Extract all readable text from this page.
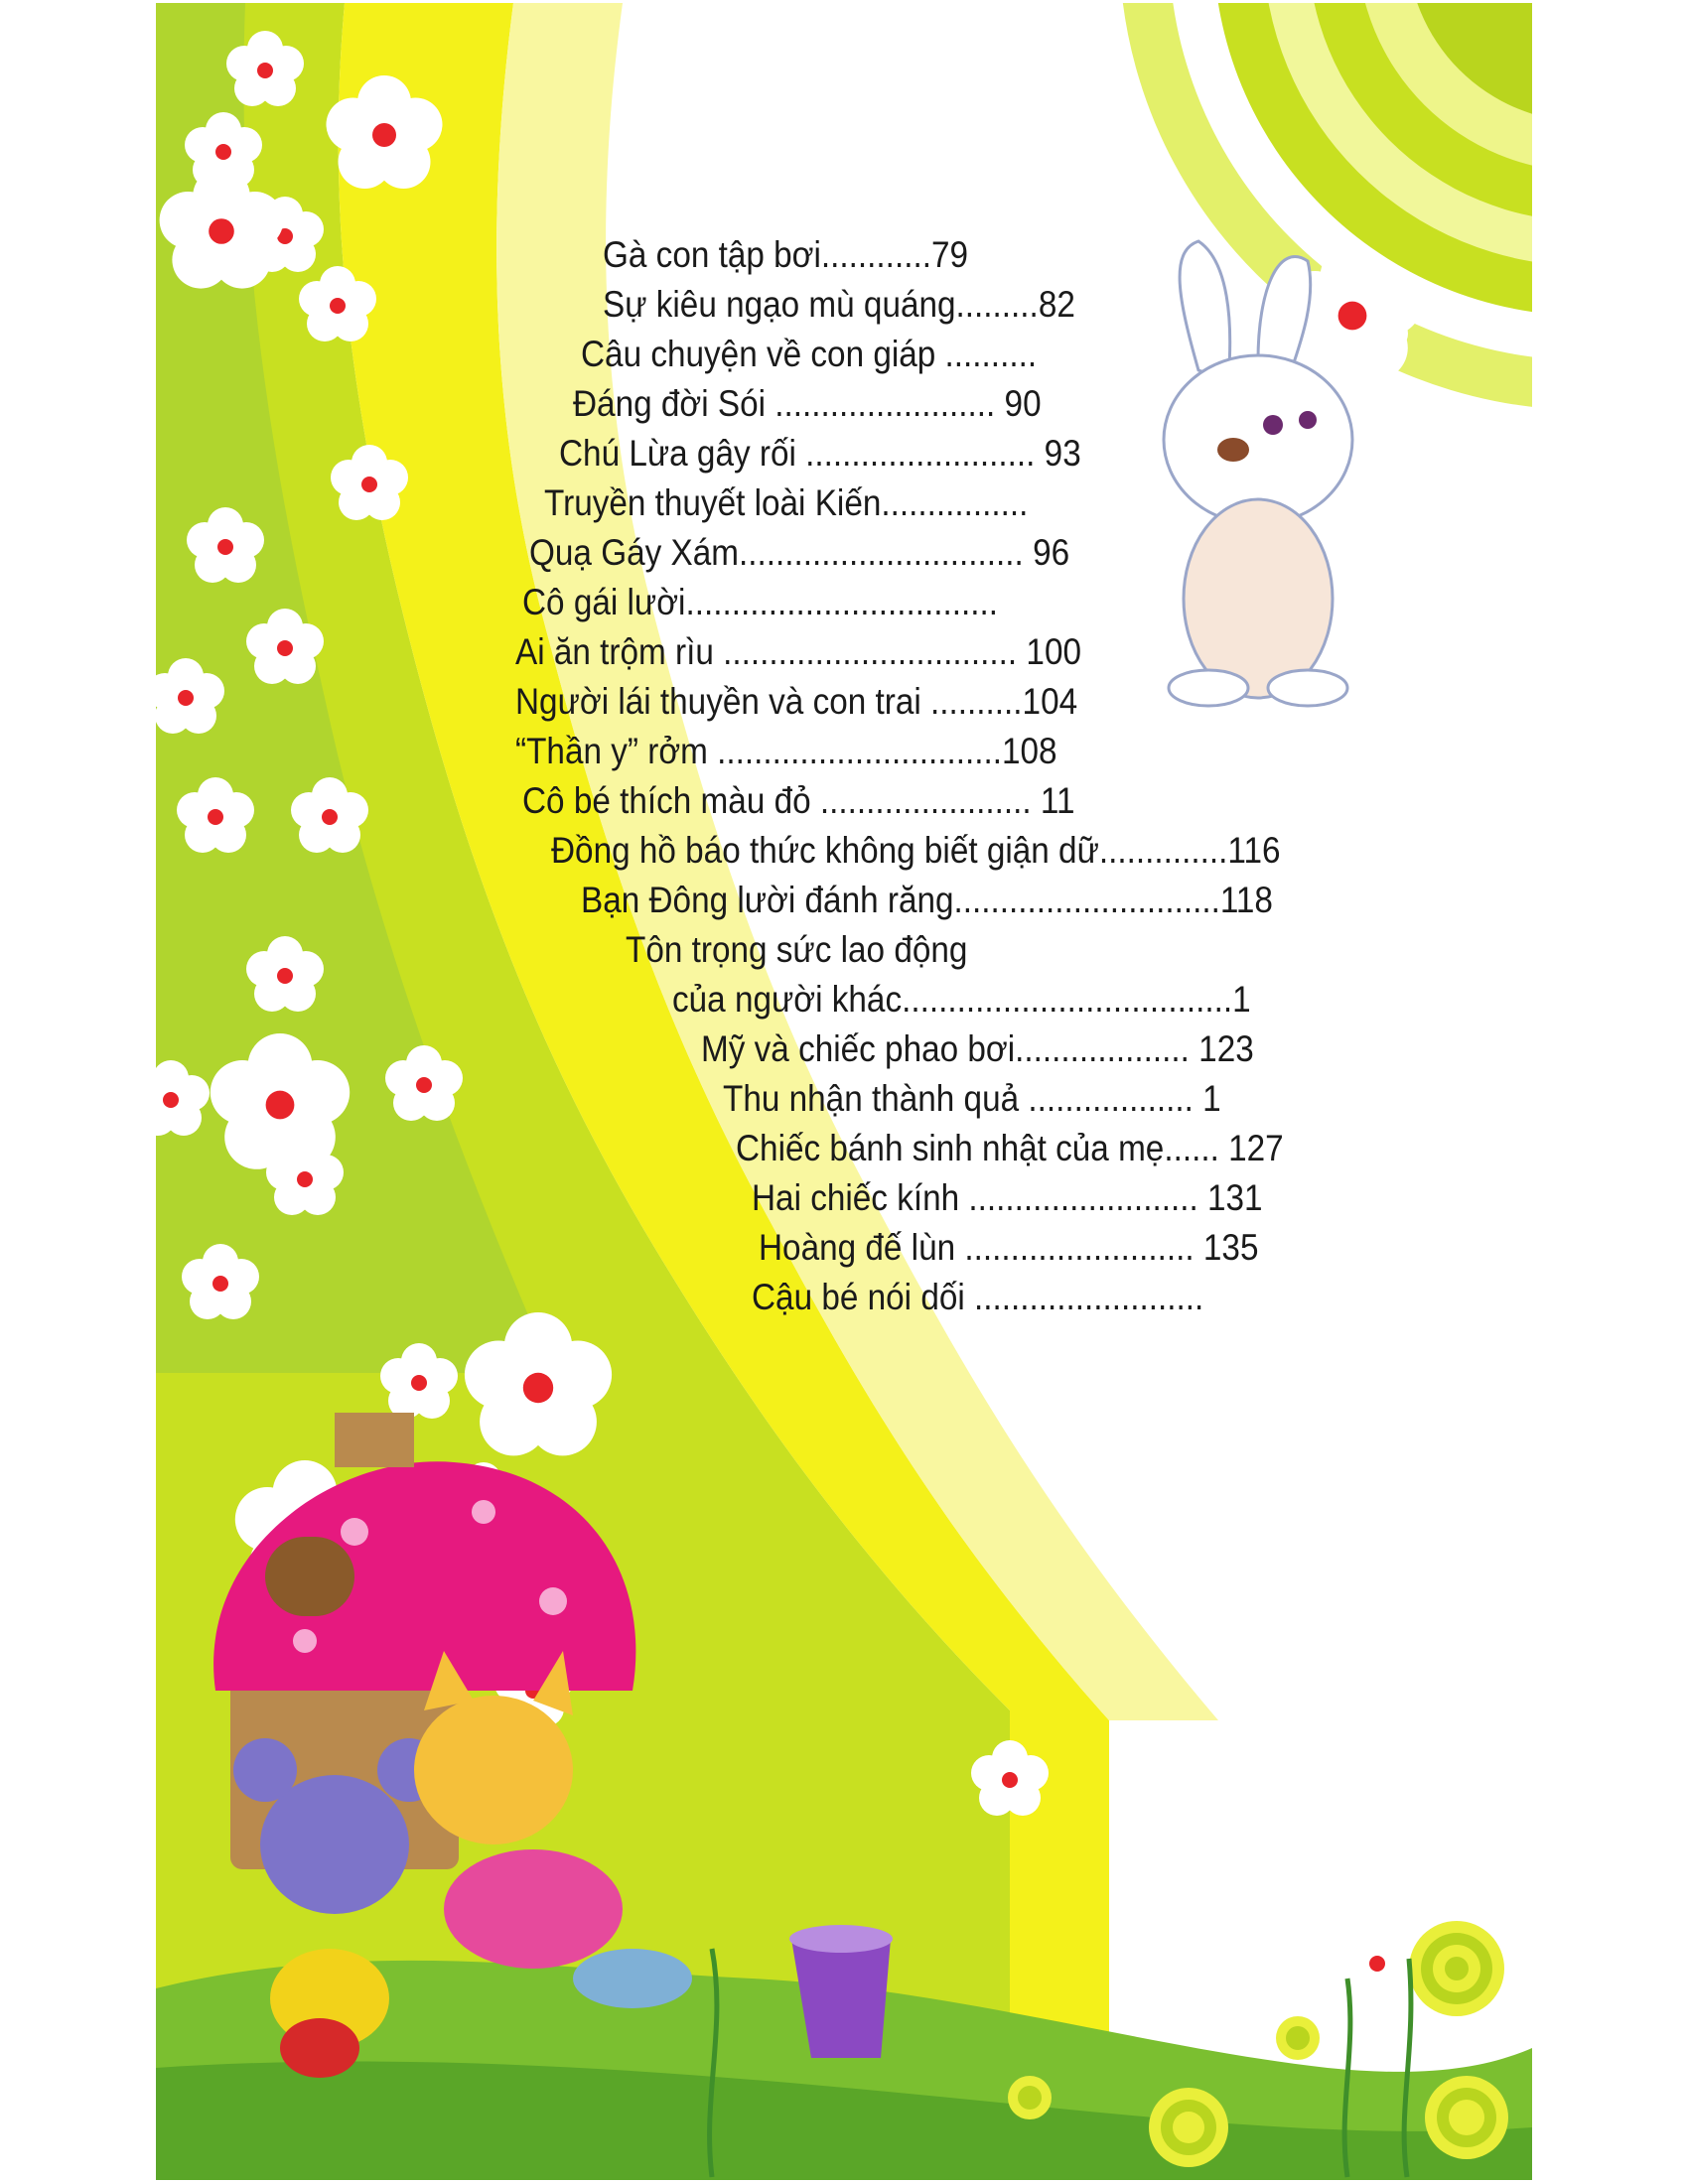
Gà con tập bơi............79
Sự kiêu ngạo mù quáng.........82
Câu chuyện về con giáp ..........
Đáng đời Sói ........................ 90
Chú Lừa gây rối ......................... 93
Truyền thuyết loài Kiến................
Quạ Gáy Xám............................... 96
Cô gái lười..................................
Ai ăn trộm rìu ................................ 100
Người lái thuyền và con trai ..........104
“Thần y” rởm ...............................108
Cô bé thích màu đỏ ....................... 11
Đồng hồ báo thức không biết giận dữ..............116
Bạn Đông lười đánh răng.............................118
Tôn trọng sức lao động
của người khác....................................1
Mỹ và chiếc phao bơi................... 123
Thu nhận thành quả .................. 1
Chiếc bánh sinh nhật của mẹ...... 127
Hai chiếc kính ......................... 131
Hoàng đế lùn ......................... 135
Cậu bé nói dối .........................
